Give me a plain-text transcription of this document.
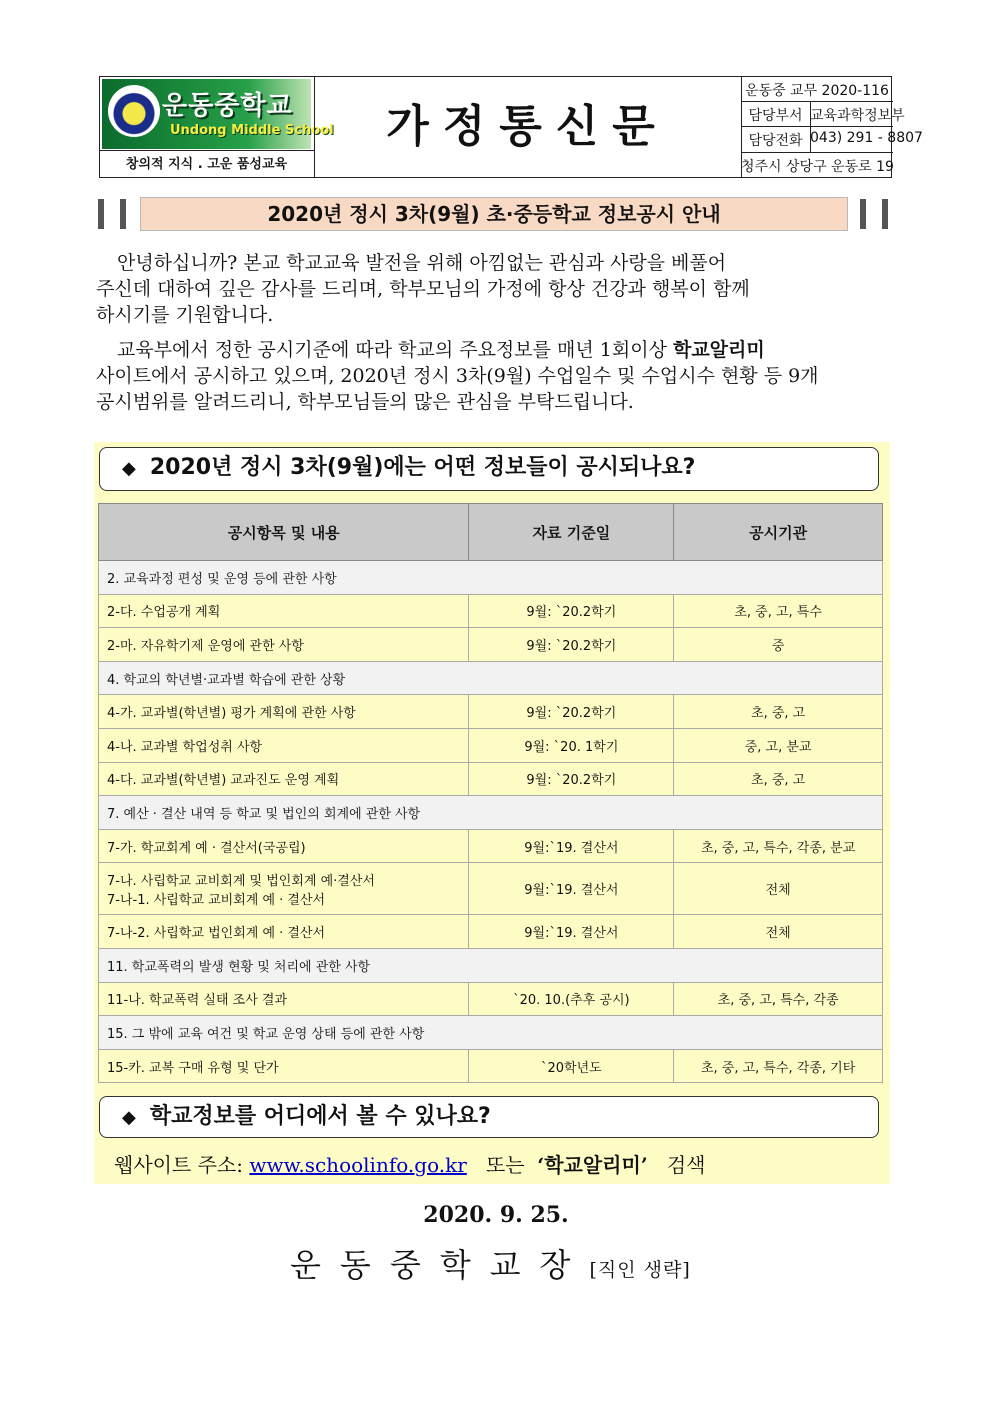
운동중학교
Undong Middle School
창의적 지식 . 고운 품성교육
가정통신문
운동중 교무 2020-116
담당부서 교육과학정보부
담당전화 043) 291 - 8807
청주시 상당구 운동로 19
2020년 정시 3차(9월) 초·중등학교 정보공시 안내
안녕하십니까? 본교 학교교육 발전을 위해 아낌없는 관심과 사랑을 베풀어
주신데 대하여 깊은 감사를 드리며, 학부모님의 가정에 항상 건강과 행복이 함께
하시기를 기원합니다.
교육부에서 정한 공시기준에 따라 학교의 주요정보를 매년 1회이상 학교알리미
사이트에서 공시하고 있으며, 2020년 정시 3차(9월) 수업일수 및 수업시수 현황 등 9개
공시범위를 알려드리니, 학부모님들의 많은 관심을 부탁드립니다.
◆ 2020년 정시 3차(9월)에는 어떤 정보들이 공시되나요?
공시항목 및 내용	자료 기준일	공시기관
2. 교육과정 편성 및 운영 등에 관한 사항		
2-다. 수업공개 계획	9월: `20.2학기	초, 중, 고, 특수
2-마. 자유학기제 운영에 관한 사항	9월: `20.2학기	중
4. 학교의 학년별·교과별 학습에 관한 상황		
4-가. 교과별(학년별) 평가 계획에 관한 사항	9월: `20.2학기	초, 중, 고
4-나. 교과별 학업성취 사항	9월: `20. 1학기	중, 고, 분교
4-다. 교과별(학년별) 교과진도 운영 계획	9월: `20.2학기	초, 중, 고
7. 예산 · 결산 내역 등 학교 및 법인의 회계에 관한 사항		
7-가. 학교회계 예 · 결산서(국공립)	9월:`19. 결산서	초, 중, 고, 특수, 각종, 분교

7-나. 사립학교 교비회계 및 법인회계 예·결산서
7-나-1. 사립학교 교비회계 예 · 결산서	9월:`19. 결산서	전체
7-나-2. 사립학교 법인회계 예 · 결산서	9월:`19. 결산서	전체
11. 학교폭력의 발생 현황 및 처리에 관한 사항		
11-나. 학교폭력 실태 조사 결과	`20. 10.(추후 공시)	초, 중, 고, 특수, 각종
15. 그 밖에 교육 여건 및 학교 운영 상태 등에 관한 사항		
15-카. 교복 구매 유형 및 단가	`20학년도	초, 중, 고, 특수, 각종, 기타
◆ 학교정보를 어디에서 볼 수 있나요?
웹사이트 주소: www.schoolinfo.go.kr 또는 ‘학교알리미’ 검색
2020. 9. 25.
운동중학교장[직인 생략]
